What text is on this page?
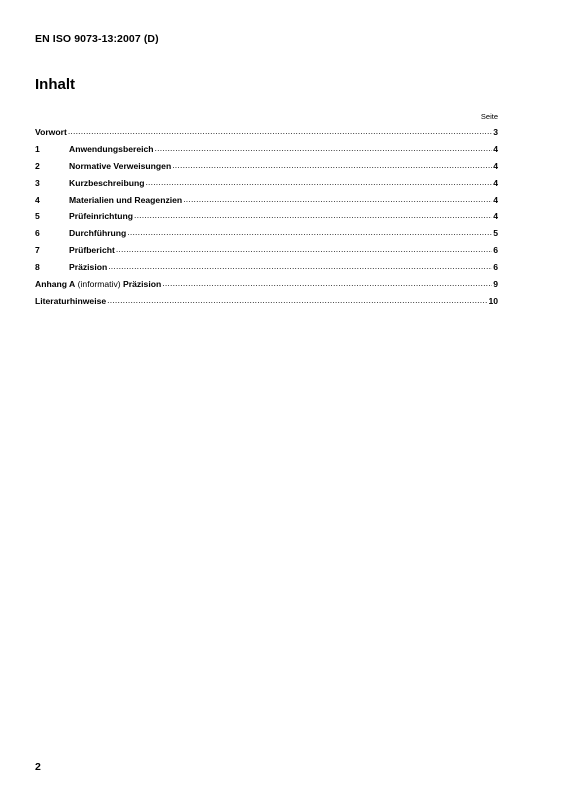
EN ISO 9073-13:2007 (D)
Inhalt
Seite
Vorwort .....	3
1	Anwendungsbereich .....	4
2	Normative Verweisungen .....	4
3	Kurzbeschreibung .....	4
4	Materialien und Reagenzien .....	4
5	Prüfeinrichtung .....	4
6	Durchführung .....	5
7	Prüfbericht .....	6
8	Präzision .....	6
Anhang A (informativ) Präzision .....	9
Literaturhinweise .....	10
2
